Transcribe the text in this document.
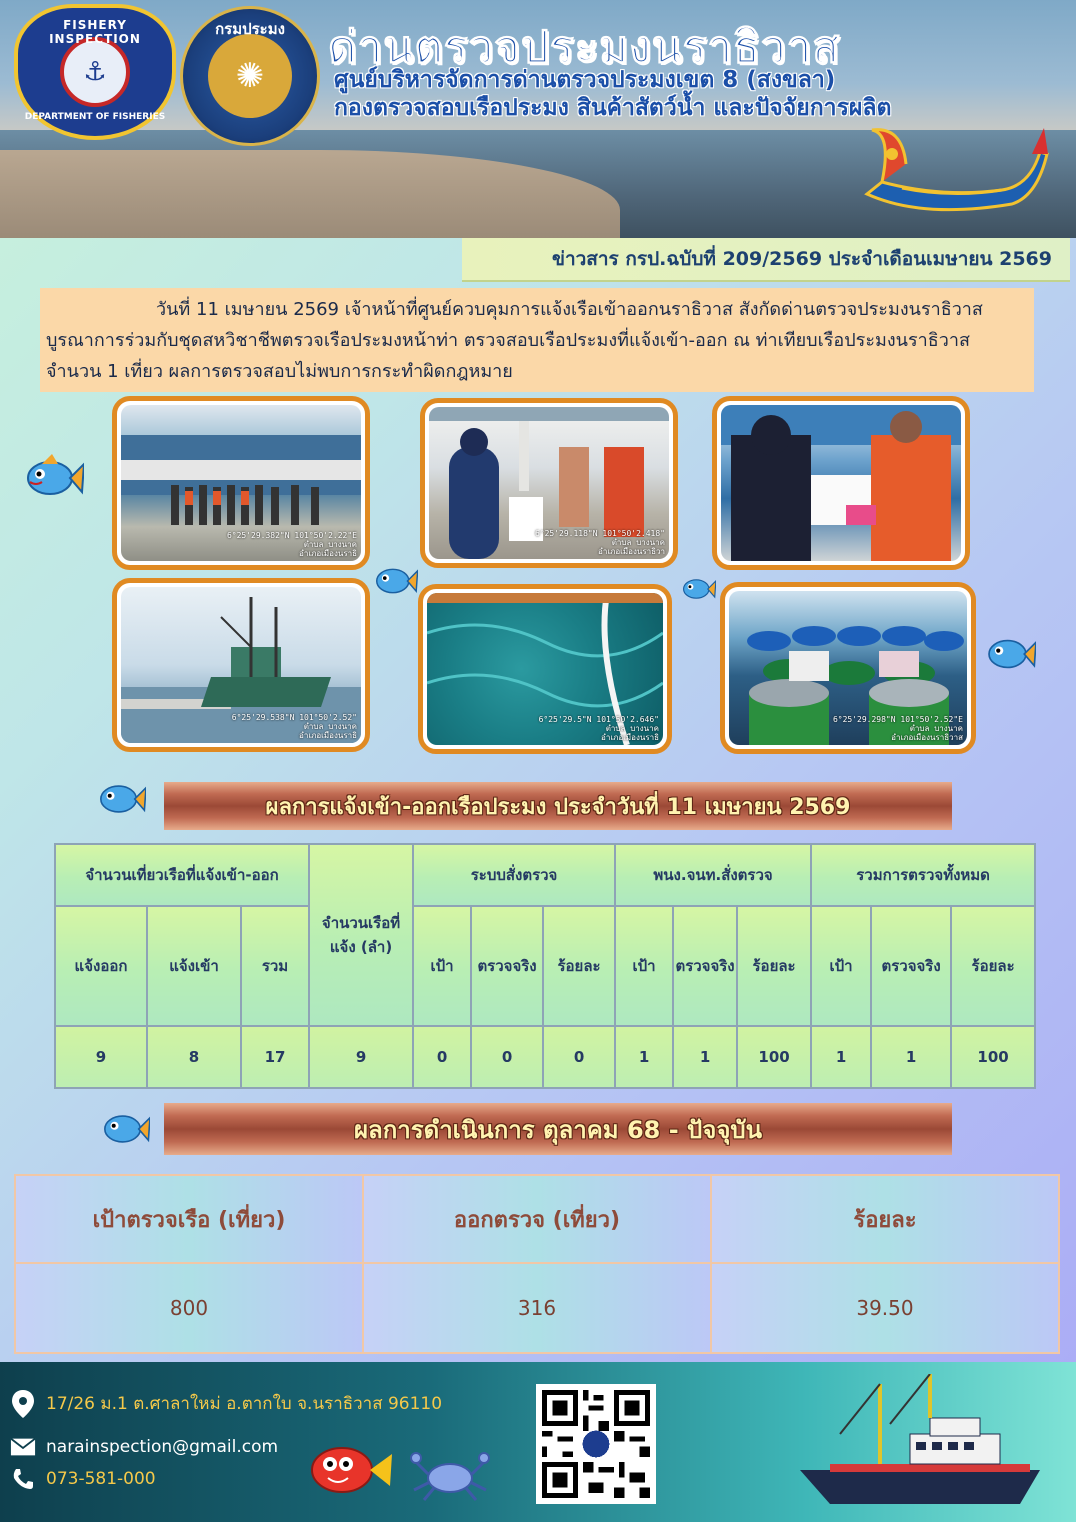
FISHERY INSPECTION
⚓
DEPARTMENT OF FISHERIES
กรมประมง
✺
ด่านตรวจประมงนราธิวาส
ศูนย์บริหารจัดการด่านตรวจประมงเขต 8 (สงขลา)
กองตรวจสอบเรือประมง สินค้าสัตว์น้ำ และปัจจัยการผลิต
ข่าวสาร กรป.ฉบับที่ 209/2569 ประจำเดือนเมษายน 2569
วันที่ 11 เมษายน 2569 เจ้าหน้าที่ศูนย์ควบคุมการแจ้งเรือเข้าออกนราธิวาส สังกัดด่านตรวจประมงนราธิวาส
บูรณาการร่วมกับชุดสหวิชาชีพตรวจเรือประมงหน้าท่า ตรวจสอบเรือประมงที่แจ้งเข้า-ออก ณ ท่าเทียบเรือประมงนราธิวาส
จำนวน 1 เที่ยว ผลการตรวจสอบไม่พบการกระทำผิดกฎหมาย
6°25'29.382"N 101°50'2.22"E
ตำบล บางนาค
อำเภอเมืองนราธิ
6°25'29.118"N 101°50'2.418"
ตำบล บางนาค
อำเภอเมืองนราธิวา
6°25'29.538"N 101°50'2.52"
ตำบล บางนาค
อำเภอเมืองนราธิ
6°25'29.5"N 101°50'2.646"
ตำบล บางนาค
อำเภอเมืองนราธิ
6°25'29.298"N 101°50'2.52"E
ตำบล บางนาค
อำเภอเมืองนราธิวาส
ผลการแจ้งเข้า-ออกเรือประมง ประจำวันที่ 11 เมษายน 2569
จำนวนเที่ยวเรือที่แจ้งเข้า-ออก			จำนวนเรือที่แจ้ง (ลำ)	ระบบสั่งตรวจ			พนง.จนท.สั่งตรวจ			รวมการตรวจทั้งหมด		
แจ้งออก	แจ้งเข้า	รวม		เป้า	ตรวจจริง	ร้อยละ	เป้า	ตรวจจริง	ร้อยละ	เป้า	ตรวจจริง	ร้อยละ
9	8	17	9	0	0	0	1	1	100	1	1	100
ผลการดำเนินการ ตุลาคม 68 - ปัจจุบัน
เป้าตรวจเรือ (เที่ยว)	ออกตรวจ (เที่ยว)	ร้อยละ
800	316	39.50
17/26 ม.1 ต.ศาลาใหม่ อ.ตากใบ จ.นราธิวาส 96110
narainspection@gmail.com
073-581-000
